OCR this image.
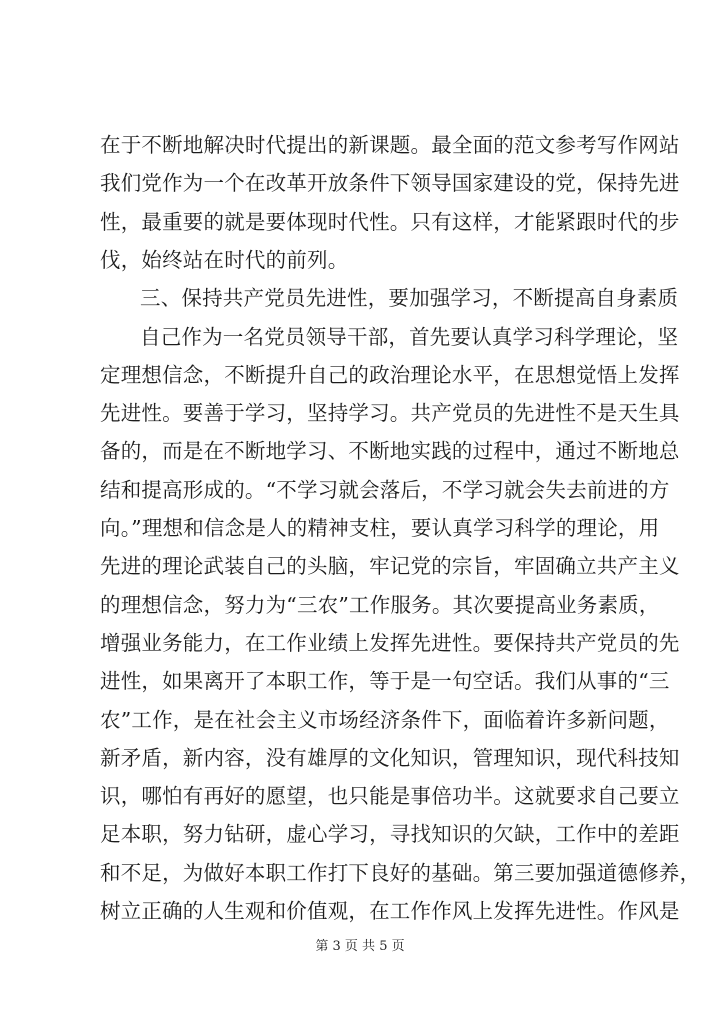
在于不断地解决时代提出的新课题。最全面的范文参考写作网站
我们党作为一个在改革开放条件下领导国家建设的党，保持先进
性，最重要的就是要体现时代性。只有这样，才能紧跟时代的步
伐，始终站在时代的前列。
三、保持共产党员先进性，要加强学习，不断提高自身素质
自己作为一名党员领导干部，首先要认真学习科学理论，坚
定理想信念，不断提升自己的政治理论水平，在思想觉悟上发挥
先进性。要善于学习，坚持学习。共产党员的先进性不是天生具
备的，而是在不断地学习、不断地实践的过程中，通过不断地总
结和提高形成的。“不学习就会落后，不学习就会失去前进的方
向。”理想和信念是人的精神支柱，要认真学习科学的理论，用
先进的理论武装自己的头脑，牢记党的宗旨，牢固确立共产主义
的理想信念，努力为“三农”工作服务。其次要提高业务素质，
增强业务能力，在工作业绩上发挥先进性。要保持共产党员的先
进性，如果离开了本职工作，等于是一句空话。我们从事的“三
农”工作，是在社会主义市场经济条件下，面临着许多新问题，
新矛盾，新内容，没有雄厚的文化知识，管理知识，现代科技知
识，哪怕有再好的愿望，也只能是事倍功半。这就要求自己要立
足本职，努力钻研，虚心学习，寻找知识的欠缺，工作中的差距
和不足，为做好本职工作打下良好的基础。第三要加强道德修养，
第 3 页 共 5 页
树立正确的人生观和价值观，在工作作风上发挥先进性。作风是
